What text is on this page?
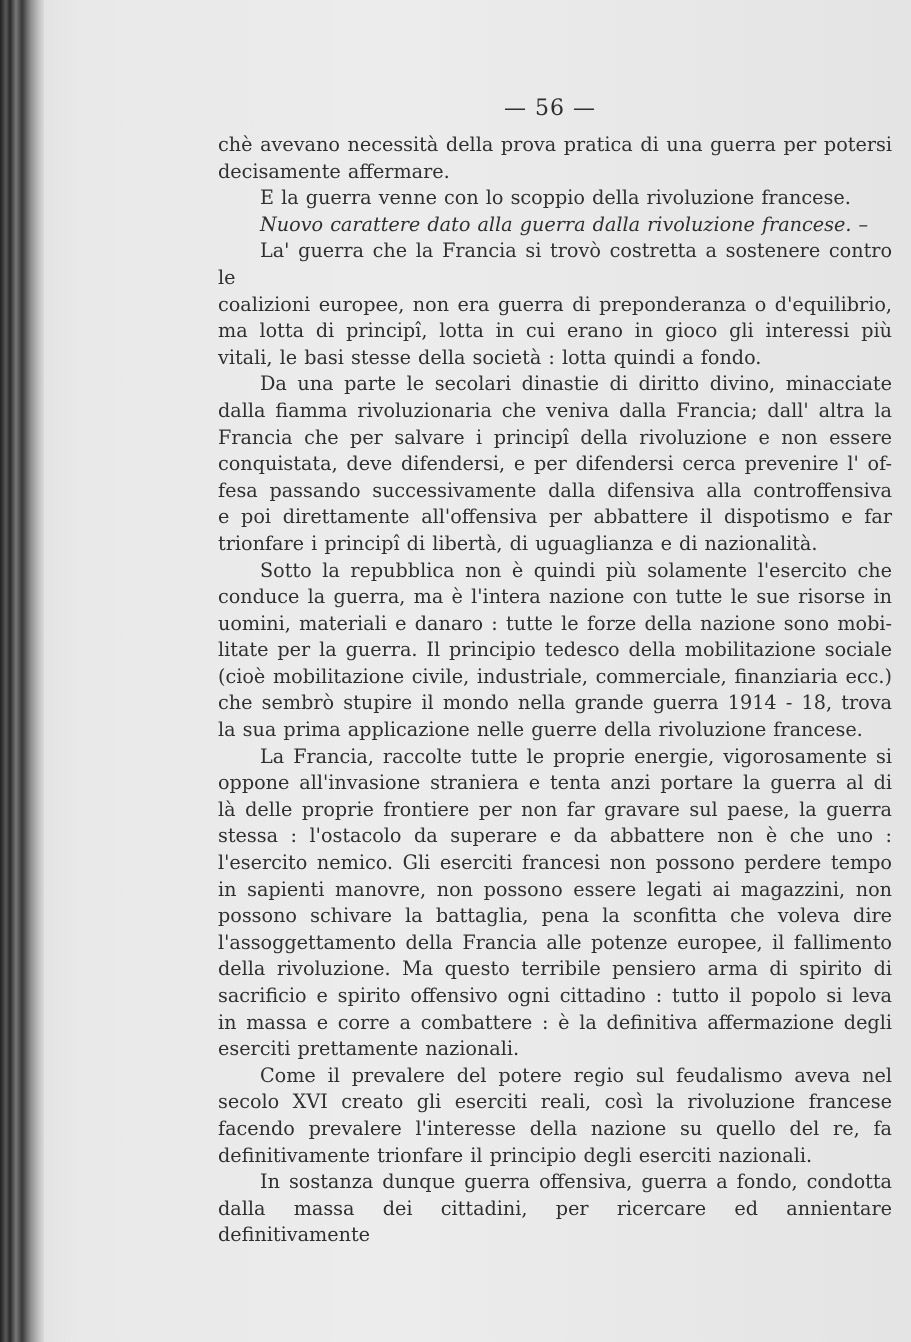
— 56 —

chè avevano necessità della prova pratica di una guerra per potersi

decisamente affermare.

E la guerra venne con lo scoppio della rivoluzione francese.

Nuovo carattere dato alla guerra dalla rivoluzione francese. –

La' guerra che la Francia si trovò costretta a sostenere contro le

coalizioni europee, non era guerra di preponderanza o d'equilibrio,

ma lotta di principî, lotta in cui erano in gioco gli interessi più

vitali, le basi stesse della società : lotta quindi a fondo.

Da una parte le secolari dinastie di diritto divino, minacciate

dalla fiamma rivoluzionaria che veniva dalla Francia; dall' altra la

Francia che per salvare i principî della rivoluzione e non essere

conquistata, deve difendersi, e per difendersi cerca prevenire l' of-

fesa passando successivamente dalla difensiva alla controffensiva

e poi direttamente all'offensiva per abbattere il dispotismo e far

trionfare i principî di libertà, di uguaglianza e di nazionalità.

Sotto la repubblica non è quindi più solamente l'esercito che

conduce la guerra, ma è l'intera nazione con tutte le sue risorse in

uomini, materiali e danaro : tutte le forze della nazione sono mobi-

litate per la guerra. Il principio tedesco della mobilitazione sociale

(cioè mobilitazione civile, industriale, commerciale, finanziaria ecc.)

che sembrò stupire il mondo nella grande guerra 1914 - 18, trova

la sua prima applicazione nelle guerre della rivoluzione francese.

La Francia, raccolte tutte le proprie energie, vigorosamente si

oppone all'invasione straniera e tenta anzi portare la guerra al di

là delle proprie frontiere per non far gravare sul paese, la guerra

stessa : l'ostacolo da superare e da abbattere non è che uno :

l'esercito nemico. Gli eserciti francesi non possono perdere tempo

in sapienti manovre, non possono essere legati ai magazzini, non

possono schivare la battaglia, pena la sconfitta che voleva dire

l'assoggettamento della Francia alle potenze europee, il fallimento

della rivoluzione. Ma questo terribile pensiero arma di spirito di

sacrificio e spirito offensivo ogni cittadino : tutto il popolo si leva

in massa e corre a combattere : è la definitiva affermazione degli

eserciti prettamente nazionali.

Come il prevalere del potere regio sul feudalismo aveva nel

secolo XVI creato gli eserciti reali, così la rivoluzione francese

facendo prevalere l'interesse della nazione su quello del re, fa

definitivamente trionfare il principio degli eserciti nazionali.

In sostanza dunque guerra offensiva, guerra a fondo, condotta

dalla massa dei cittadini, per ricercare ed annientare definitivamente
